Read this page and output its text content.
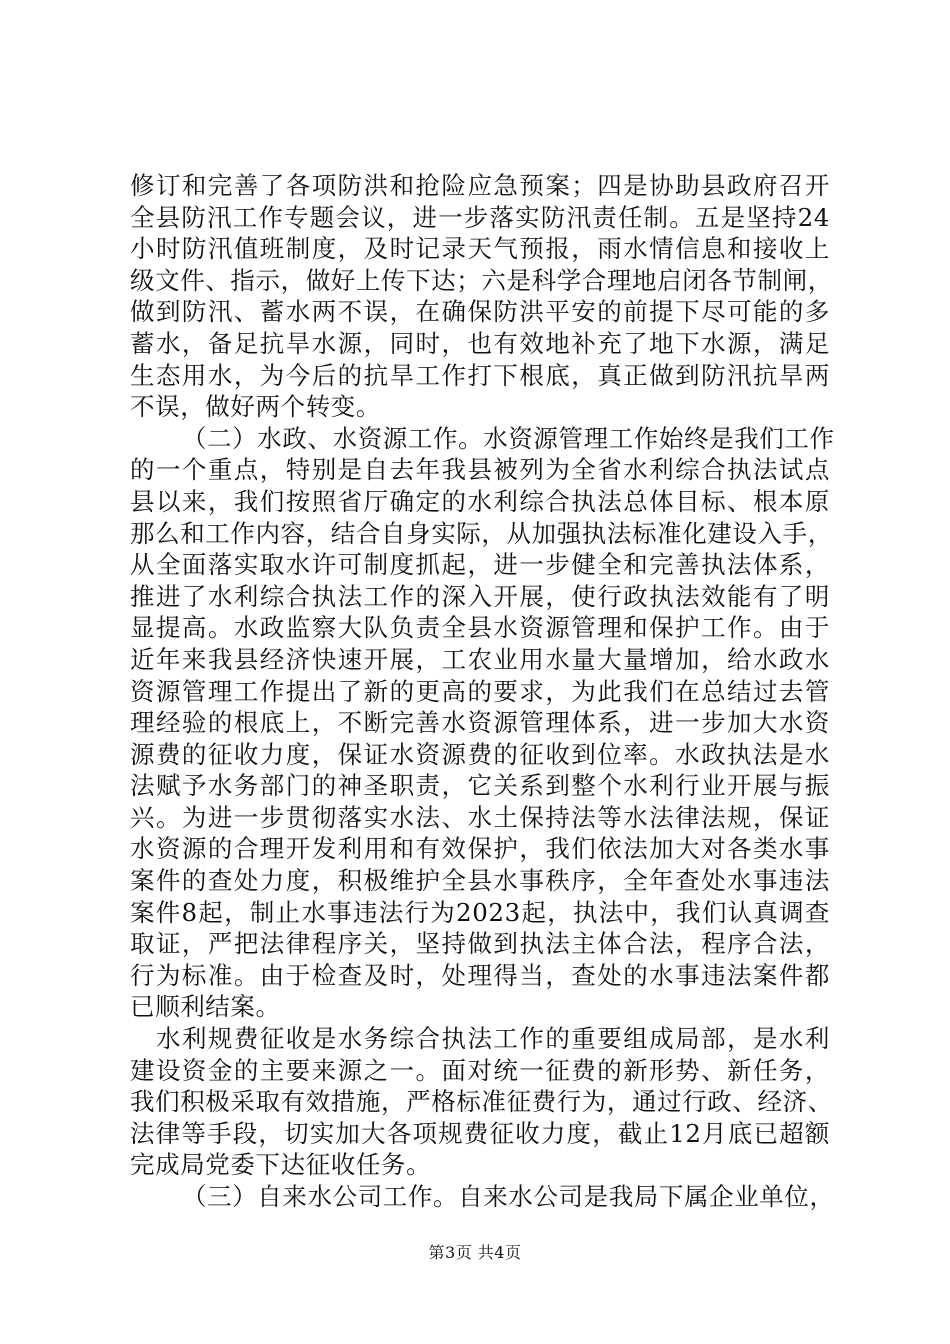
修订和完善了各项防洪和抢险应急预案；四是协助县政府召开
全县防汛工作专题会议，进一步落实防汛责任制。五是坚持24
小时防汛值班制度，及时记录天气预报，雨水情信息和接收上
级文件、指示，做好上传下达；六是科学合理地启闭各节制闸，
做到防汛、蓄水两不误，在确保防洪平安的前提下尽可能的多
蓄水，备足抗旱水源，同时，也有效地补充了地下水源，满足
生态用水，为今后的抗旱工作打下根底，真正做到防汛抗旱两
不误，做好两个转变。
（二）水政、水资源工作。水资源管理工作始终是我们工作
的一个重点，特别是自去年我县被列为全省水利综合执法试点
县以来，我们按照省厅确定的水利综合执法总体目标、根本原
那么和工作内容，结合自身实际，从加强执法标准化建设入手，
从全面落实取水许可制度抓起，进一步健全和完善执法体系，
推进了水利综合执法工作的深入开展，使行政执法效能有了明
显提高。水政监察大队负责全县水资源管理和保护工作。由于
近年来我县经济快速开展，工农业用水量大量增加，给水政水
资源管理工作提出了新的更高的要求，为此我们在总结过去管
理经验的根底上，不断完善水资源管理体系，进一步加大水资
源费的征收力度，保证水资源费的征收到位率。水政执法是水
法赋予水务部门的神圣职责，它关系到整个水利行业开展与振
兴。为进一步贯彻落实水法、水土保持法等水法律法规，保证
水资源的合理开发利用和有效保护，我们依法加大对各类水事
案件的查处力度，积极维护全县水事秩序，全年查处水事违法
案件8起，制止水事违法行为2023起，执法中，我们认真调查
取证，严把法律程序关，坚持做到执法主体合法，程序合法，
行为标准。由于检查及时，处理得当，查处的水事违法案件都
已顺利结案。
水利规费征收是水务综合执法工作的重要组成局部，是水利
建设资金的主要来源之一。面对统一征费的新形势、新任务，
我们积极采取有效措施，严格标准征费行为，通过行政、经济、
法律等手段，切实加大各项规费征收力度，截止12月底已超额
完成局党委下达征收任务。
（三）自来水公司工作。自来水公司是我局下属企业单位，
第3页 共4页
